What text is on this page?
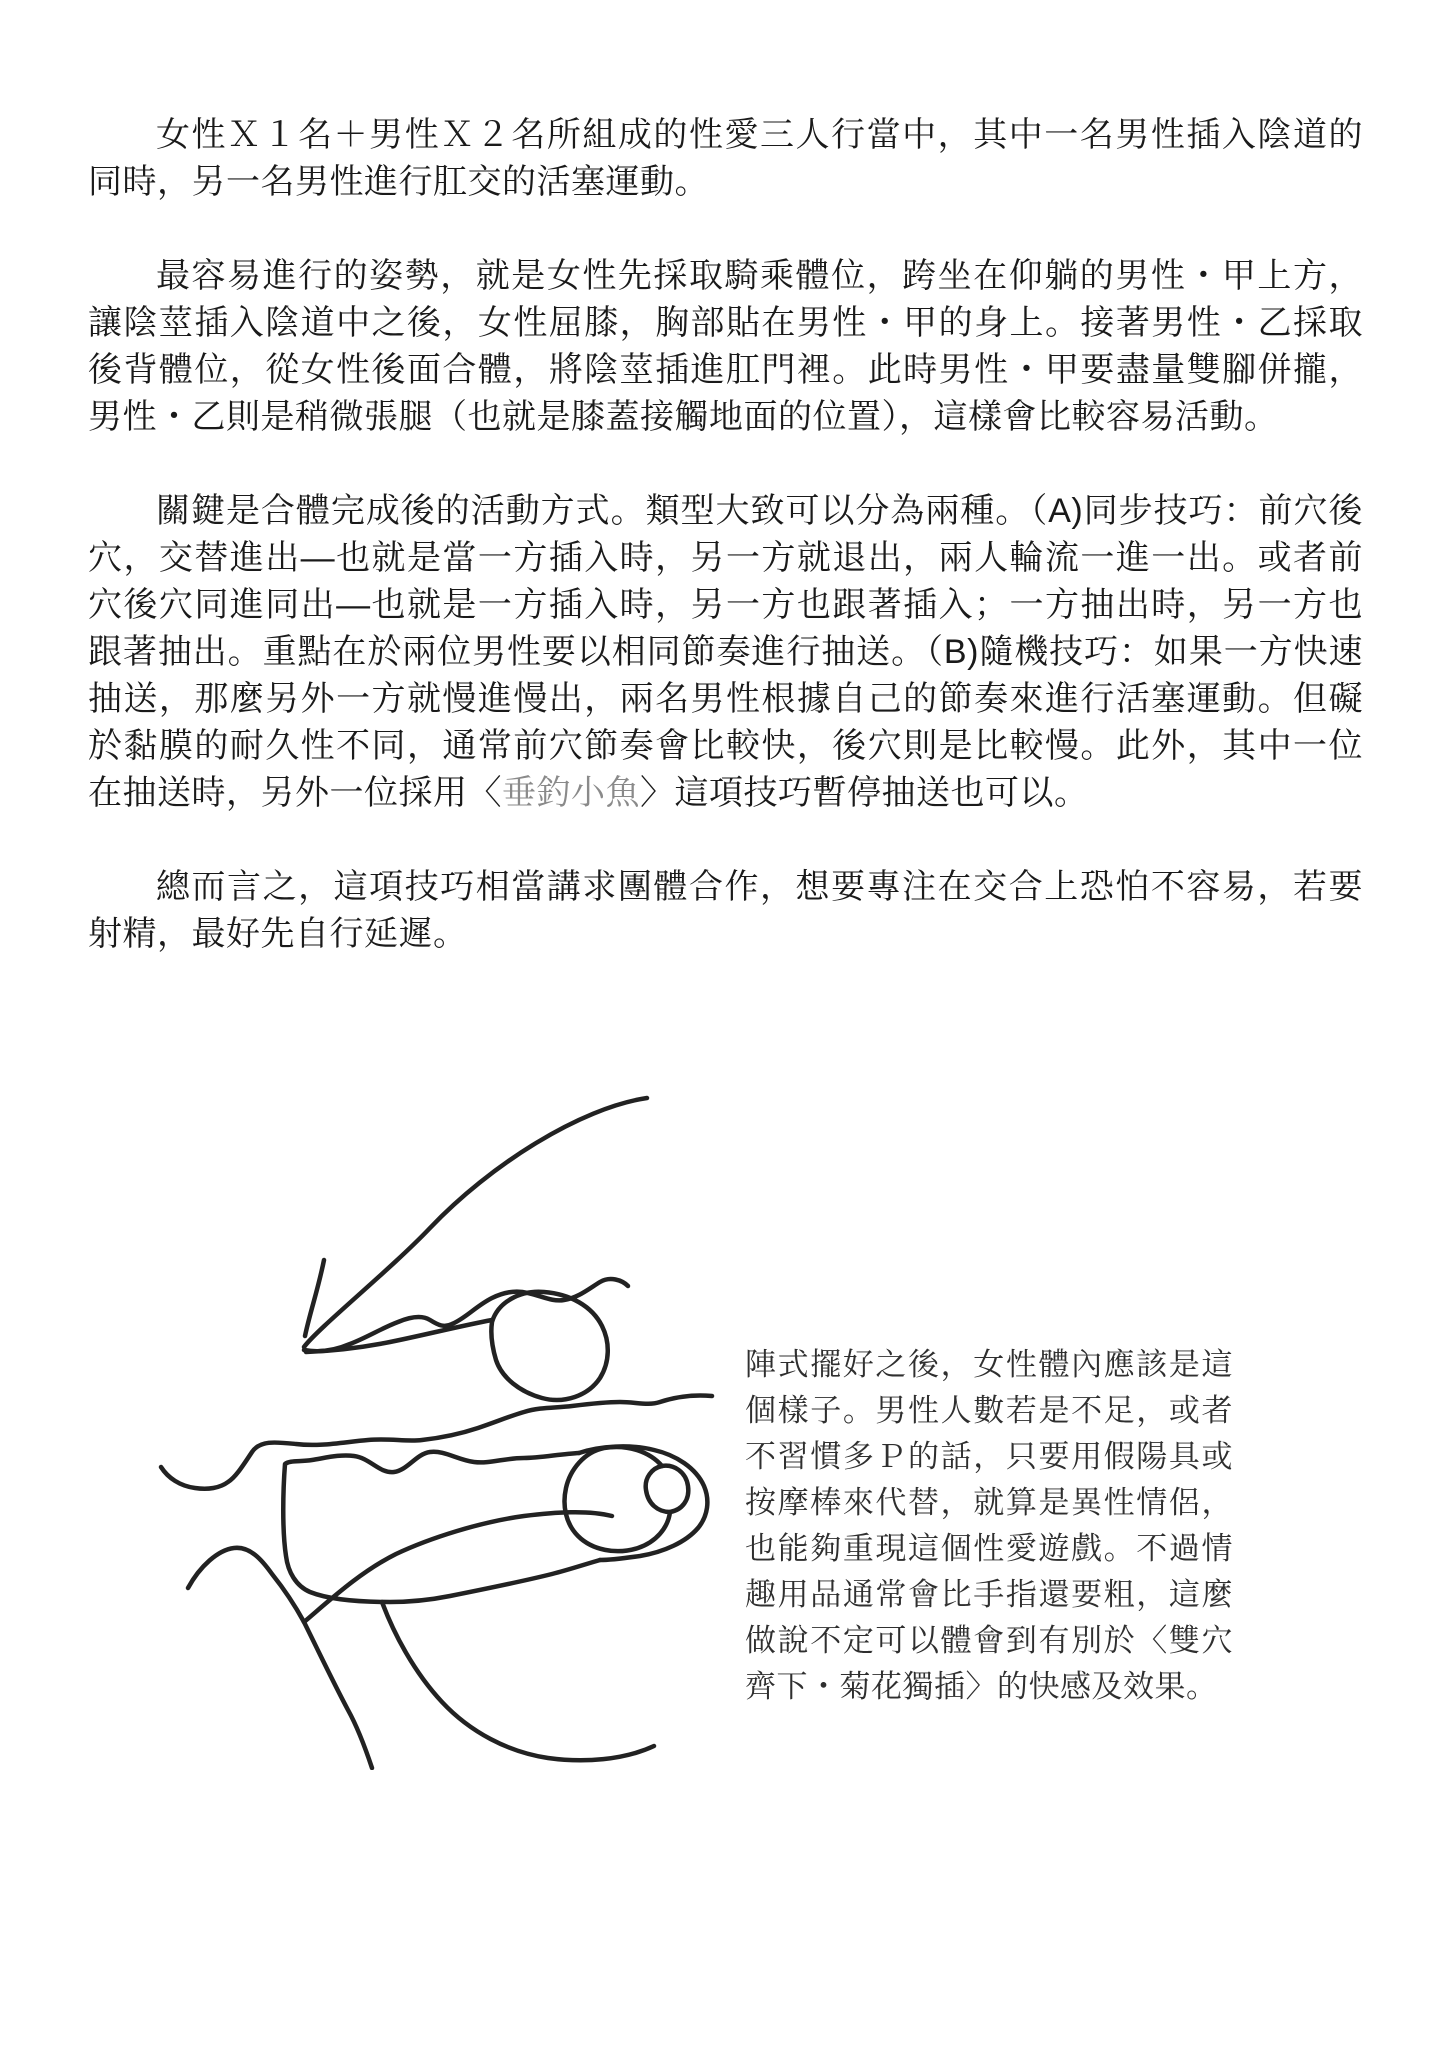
女性Ｘ１名＋男性Ｘ２名所組成的性愛三人行當中，其中一名男性插入陰道的同時，另一名男性進行肛交的活塞運動。

最容易進行的姿勢，就是女性先採取騎乘體位，跨坐在仰躺的男性・甲上方，讓陰莖插入陰道中之後，女性屈膝，胸部貼在男性・甲的身上。接著男性・乙採取後背體位，從女性後面合體，將陰莖插進肛門裡。此時男性・甲要盡量雙腳併攏，男性・乙則是稍微張腿（也就是膝蓋接觸地面的位置），這樣會比較容易活動。

關鍵是合體完成後的活動方式。類型大致可以分為兩種。（A)同步技巧：前穴後穴，交替進出—也就是當一方插入時，另一方就退出，兩人輪流一進一出。或者前穴後穴同進同出—也就是一方插入時，另一方也跟著插入；一方抽出時，另一方也跟著抽出。重點在於兩位男性要以相同節奏進行抽送。（B)隨機技巧：如果一方快速抽送，那麼另外一方就慢進慢出，兩名男性根據自己的節奏來進行活塞運動。但礙於黏膜的耐久性不同，通常前穴節奏會比較快，後穴則是比較慢。此外，其中一位在抽送時，另外一位採用〈垂釣小魚〉這項技巧暫停抽送也可以。

總而言之，這項技巧相當講求團體合作，想要專注在交合上恐怕不容易，若要射精，最好先自行延遲。

陣式擺好之後，女性體內應該是這個樣子。男性人數若是不足，或者不習慣多Ｐ的話，只要用假陽具或按摩棒來代替，就算是異性情侶，也能夠重現這個性愛遊戲。不過情趣用品通常會比手指還要粗，這麼做說不定可以體會到有別於〈雙穴齊下・菊花獨插〉的快感及效果。
